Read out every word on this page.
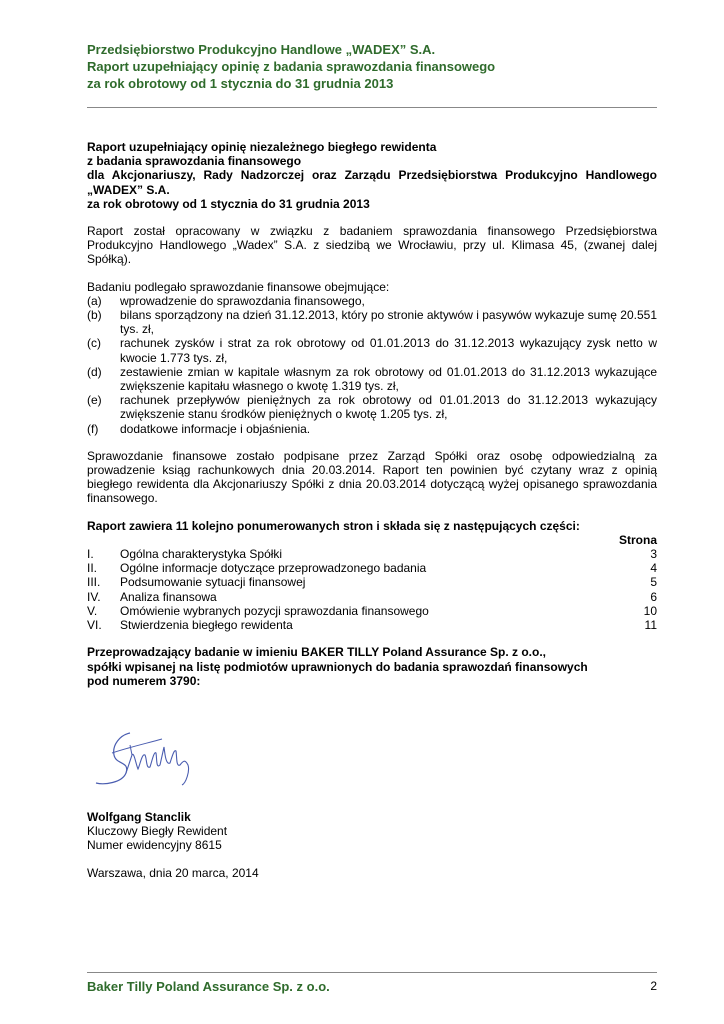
Przedsiębiorstwo Produkcyjno Handlowe „WADEX” S.A.
Raport uzupełniający opinię z badania sprawozdania finansowego
za rok obrotowy od 1 stycznia do 31 grudnia 2013
Raport uzupełniający opinię niezależnego biegłego rewidenta
z badania sprawozdania finansowego
dla Akcjonariuszy, Rady Nadzorczej oraz Zarządu Przedsiębiorstwa Produkcyjno Handlowego
„WADEX” S.A.
za rok obrotowy od 1 stycznia do 31 grudnia 2013

Raport został opracowany w związku z badaniem sprawozdania finansowego Przedsiębiorstwa Produkcyjno Handlowego „Wadex” S.A. z siedzibą we Wrocławiu, przy ul. Klimasa 45, (zwanej dalej Spółką).

Badaniu podlegało sprawozdanie finansowe obejmujące:

(a)	wprowadzenie do sprawozdania finansowego,
(b)	bilans sporządzony na dzień 31.12.2013, który po stronie aktywów i pasywów wykazuje sumę 20.551 tys. zł,
(c)	rachunek zysków i strat za rok obrotowy od 01.01.2013 do 31.12.2013 wykazujący zysk netto w kwocie 1.773 tys. zł,
(d)	zestawienie zmian w kapitale własnym za rok obrotowy od 01.01.2013 do 31.12.2013 wykazujące zwiększenie kapitału własnego o kwotę 1.319 tys. zł,
(e)	rachunek przepływów pieniężnych za rok obrotowy od 01.01.2013 do 31.12.2013 wykazujący zwiększenie stanu środków pieniężnych o kwotę 1.205 tys. zł,
(f)	dodatkowe informacje i objaśnienia.

Sprawozdanie finansowe zostało podpisane przez Zarząd Spółki oraz osobę odpowiedzialną za prowadzenie ksiąg rachunkowych dnia 20.03.2014. Raport ten powinien być czytany wraz z opinią biegłego rewidenta dla Akcjonariuszy Spółki z dnia 20.03.2014 dotyczącą wyżej opisanego sprawozdania finansowego.

Raport zawiera 11 kolejno ponumerowanych stron i składa się z następujących części:

Strona
I.	Ogólna charakterystyka Spółki	3
II.	Ogólne informacje dotyczące przeprowadzonego badania	4
III.	Podsumowanie sytuacji finansowej	5
IV.	Analiza finansowa	6
V.	Omówienie wybranych pozycji sprawozdania finansowego	10
VI.	Stwierdzenia biegłego rewidenta	11
Przeprowadzający badanie w imieniu BAKER TILLY Poland Assurance Sp. z o.o.,
spółki wpisanej na listę podmiotów uprawnionych do badania sprawozdań finansowych
pod numerem 3790:
Wolfgang Stanclik
Kluczowy Biegły Rewident
Numer ewidencyjny 8615
Warszawa, dnia 20 marca, 2014
Baker Tilly Poland Assurance Sp. z o.o.	2
